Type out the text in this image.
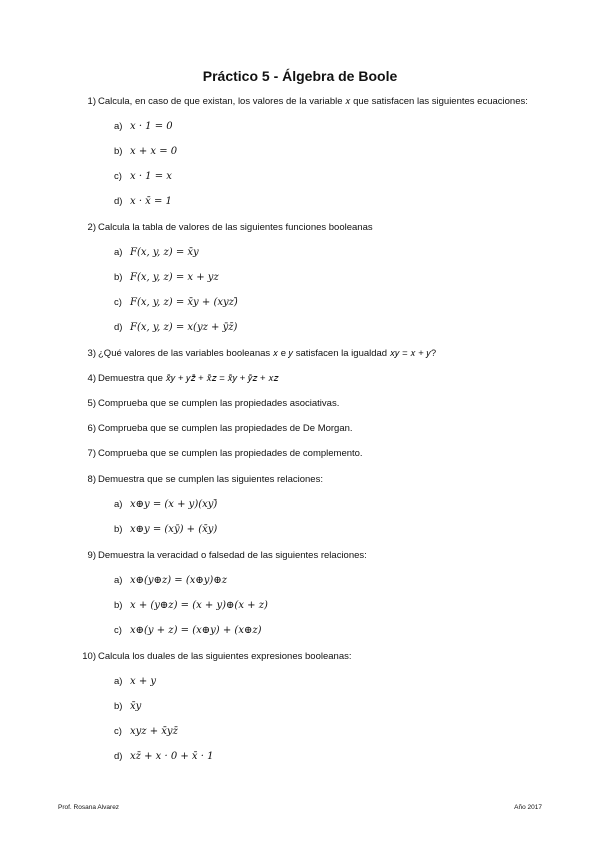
Práctico 5 - Álgebra de Boole
1) Calcula, en caso de que existan, los valores de la variable 𝑥 que satisfacen las siguientes ecuaciones:
a) x · 1 = 0
b) x + x = 0
c) x · 1 = x
d) x · x̄ = 1
2) Calcula la tabla de valores de las siguientes funciones booleanas
a) F(x, y, z) = x̄y
b) F(x, y, z) = x + yz
c) F(x, y, z) = x̄y + (xyz)̄
d) F(x, y, z) = x(yz + ȳz̄)
3) ¿Qué valores de las variables booleanas 𝑥 e 𝑦 satisfacen la igualdad 𝑥𝑦 = 𝑥 + 𝑦?
4) Demuestra que 𝑥̄𝑦 + 𝑦𝑧̄ + 𝑥̄𝑧 = 𝑥̄𝑦 + 𝑦̄𝑧 + 𝑥𝑧
5) Comprueba que se cumplen las propiedades asociativas.
6) Comprueba que se cumplen las propiedades de De Morgan.
7) Comprueba que se cumplen las propiedades de complemento.
8) Demuestra que se cumplen las siguientes relaciones:
a) x⊕y = (x + y)(xy)̄
b) x⊕y = (xȳ) + (x̄y)
9) Demuestra la veracidad o falsedad de las siguientes relaciones:
a) x⊕(y⊕z) = (x⊕y)⊕z
b) x + (y⊕z) = (x + y)⊕(x + z)
c) x⊕(y + z) = (x⊕y) + (x⊕z)
10) Calcula los duales de las siguientes expresiones booleanas:
a) x + y
b) x̄y
c) xyz + x̄yz̄
d) xz̄ + x · 0 + x̄ · 1
Prof. Rosana Alvarez	Año 2017
